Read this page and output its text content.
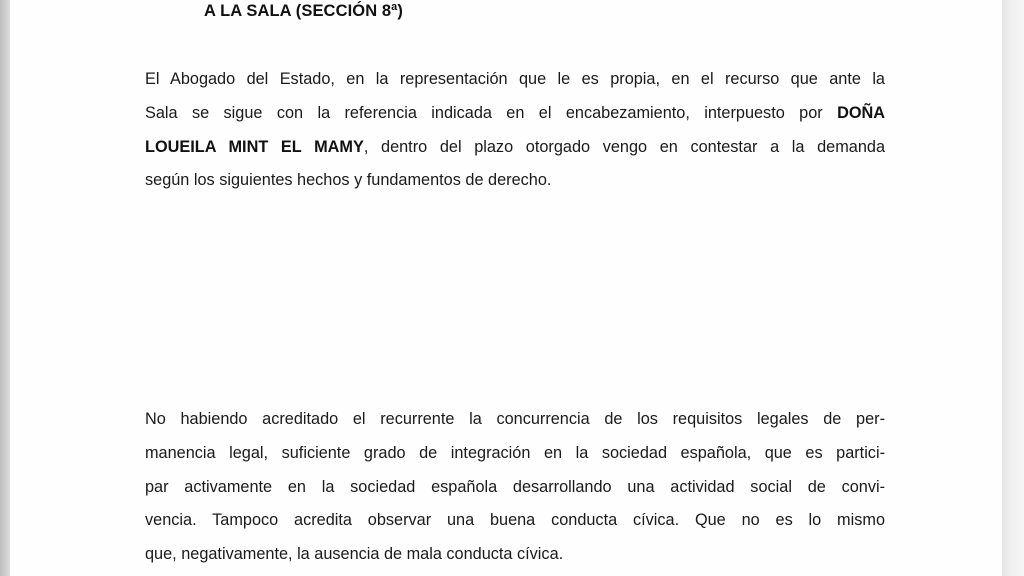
A LA SALA (SECCIÓN 8ª)
El Abogado del Estado, en la representación que le es propia, en el recurso que ante la
Sala se sigue con la referencia indicada en el encabezamiento, interpuesto por DOÑA
LOUEILA MINT EL MAMY, dentro del plazo otorgado vengo en contestar a la demanda
según los siguientes hechos y fundamentos de derecho.
No habiendo acreditado el recurrente la concurrencia de los requisitos legales de per-
manencia legal, suficiente grado de integración en la sociedad española, que es partici-
par activamente en la sociedad española desarrollando una actividad social de convi-
vencia. Tampoco acredita observar una buena conducta cívica. Que no es lo mismo
que, negativamente, la ausencia de mala conducta cívica.
